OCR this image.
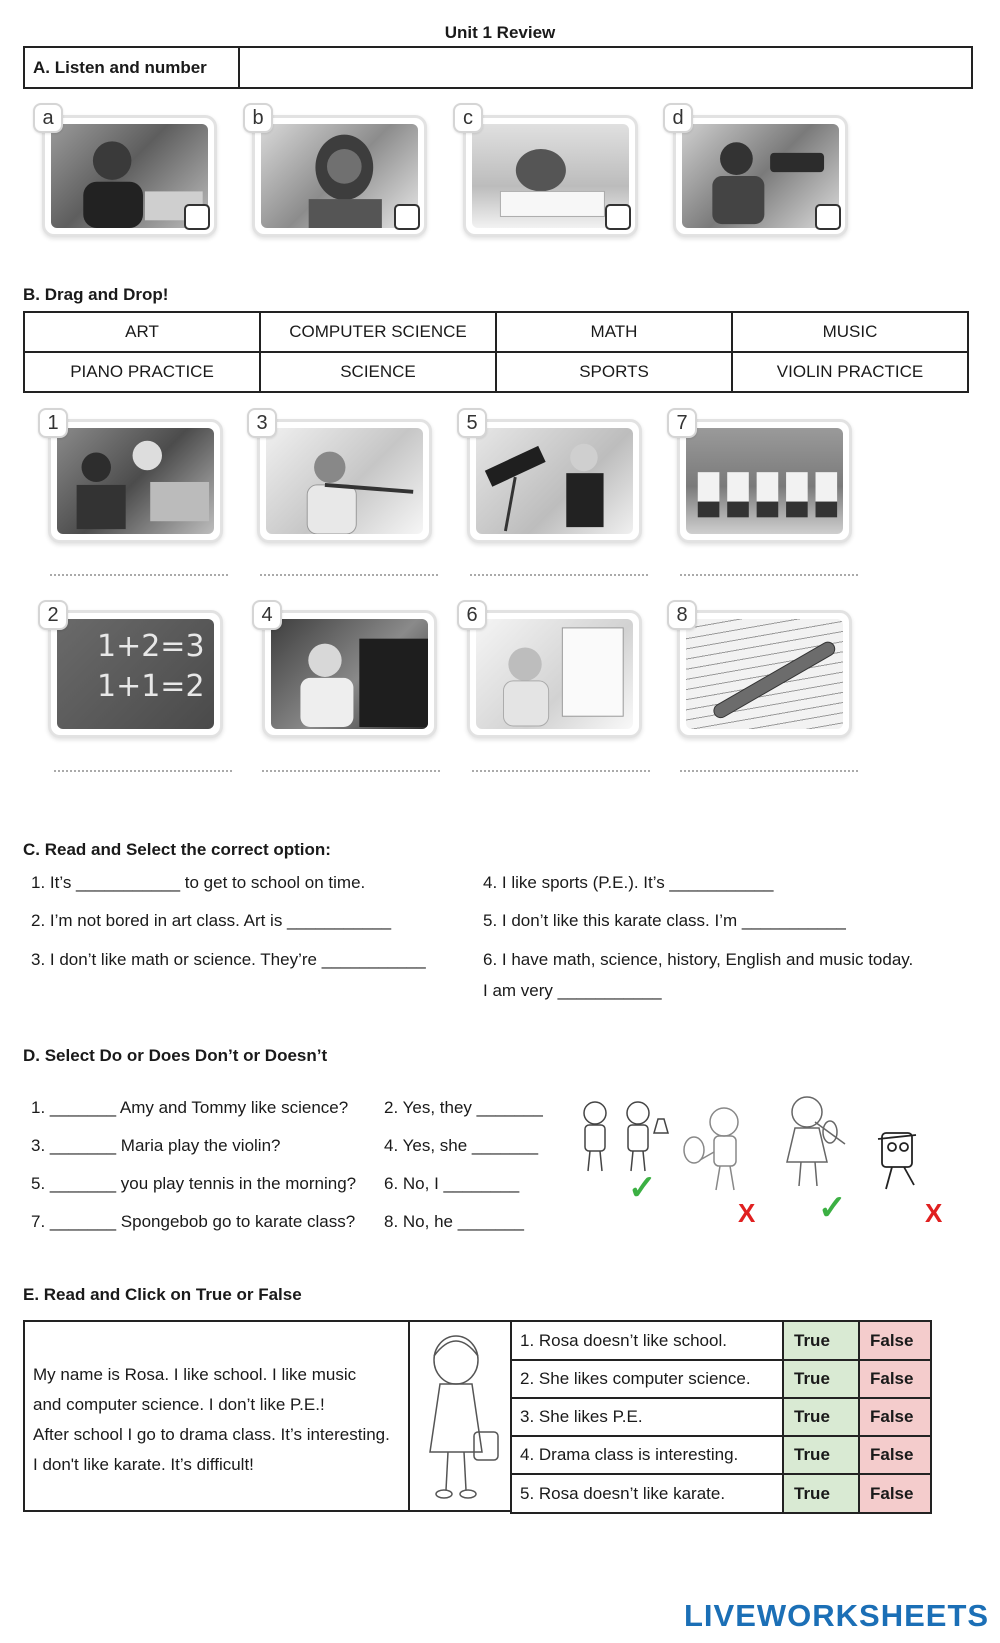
Unit 1 Review
A. Listen and number
a	b	c	d
B. Drag and Drop!
ART	COMPUTER SCIENCE	MATH	MUSIC
PIANO PRACTICE	SCIENCE	SPORTS	VIOLIN PRACTICE
1	3	5	7
1+2=3
1+1=2
2	4	6	8
C. Read and Select the correct option:
1. It’s ___________ to get to school on time.
2. I’m not bored in art class. Art is ___________
3. I don’t like math or science. They’re ___________
4. I like sports (P.E.). It’s ___________
5. I don’t like this karate class. I’m ___________
6. I have math, science, history, English and music today.
I am very ___________
D. Select Do or Does Don’t or Doesn’t
1. _______ Amy and Tommy like science? 2. Yes, they _______
3. _______ Maria play the violin?	4. Yes, she _______
5. _______ you play tennis in the morning? 6. No, I ________
7. _______ Spongebob go to karate class? 8. No, he _______
✓
X ✓	X
E. Read and Click on True or False
My name is Rosa. I like school. I like music
and computer science. I don’t like P.E.!
After school I go to drama class. It’s interesting.
I don't like karate. It’s difficult!
1. Rosa doesn’t like school.	True	False
2. She likes computer science.	True	False
3. She likes P.E.	True	False
4. Drama class is interesting.	True	False
5. Rosa doesn’t like karate.	True	False
LIVEWORKSHEETS
